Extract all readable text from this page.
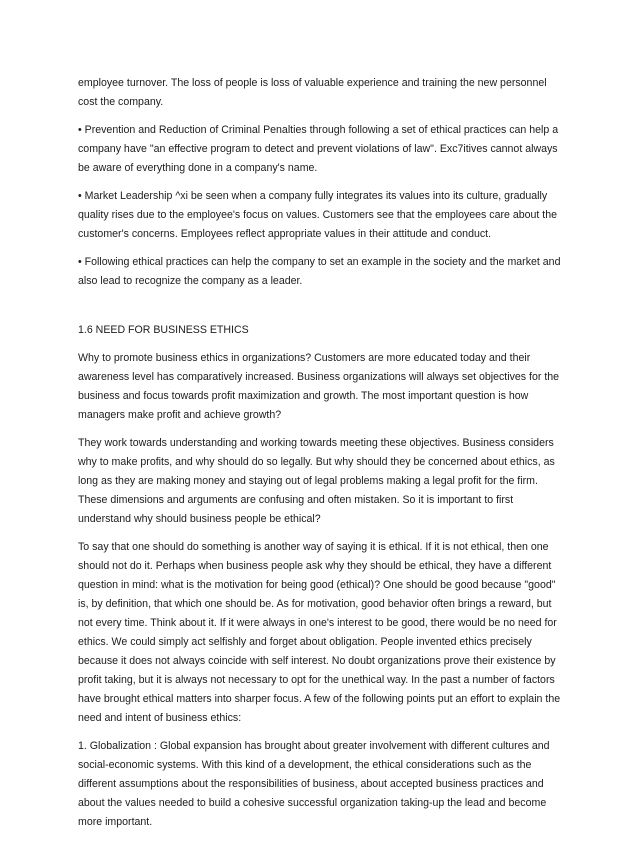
employee turnover. The loss of people is loss of valuable experience and training the new personnel cost the company.

• Prevention and Reduction of Criminal Penalties through following a set of ethical practices can help a company have "an effective program to detect and prevent violations of law". Exc7itives cannot always be aware of everything done in a company's name.

• Market Leadership ^xi be seen when a company fully integrates its values into its culture, gradually quality rises due to the employee's focus on values. Customers see that the employees care about the customer's concerns. Employees reflect appropriate values in their attitude and conduct.

• Following ethical practices can help the company to set an example in the society and the market and also lead to recognize the company as a leader.

1.6 NEED FOR BUSINESS ETHICS

Why to promote business ethics in organizations? Customers are more educated today and their awareness level has comparatively increased. Business organizations will always set objectives for the business and focus towards profit maximization and growth. The most important question is how managers make profit and achieve growth?

They work towards understanding and working towards meeting these objectives. Business considers why to make profits, and why should do so legally. But why should they be concerned about ethics, as long as they are making money and staying out of legal problems making a legal profit for the firm. These dimensions and arguments are confusing and often mistaken. So it is important to first understand why should business people be ethical?

To say that one should do something is another way of saying it is ethical. If it is not ethical, then one should not do it. Perhaps when business people ask why they should be ethical, they have a different question in mind: what is the motivation for being good (ethical)? One should be good because "good" is, by definition, that which one should be. As for motivation, good behavior often brings a reward, but not every time. Think about it. If it were always in one's interest to be good, there would be no need for ethics. We could simply act selfishly and forget about obligation. People invented ethics precisely because it does not always coincide with self interest. No doubt organizations prove their existence by profit taking, but it is always not necessary to opt for the unethical way. In the past a number of factors have brought ethical matters into sharper focus. A few of the following points put an effort to explain the need and intent of business ethics:

1. Globalization : Global expansion has brought about greater involvement with different cultures and social-economic systems. With this kind of a development, the ethical considerations such as the different assumptions about the responsibilities of business, about accepted business practices and about the values needed to build a cohesive successful organization taking-up the lead and become more important.
